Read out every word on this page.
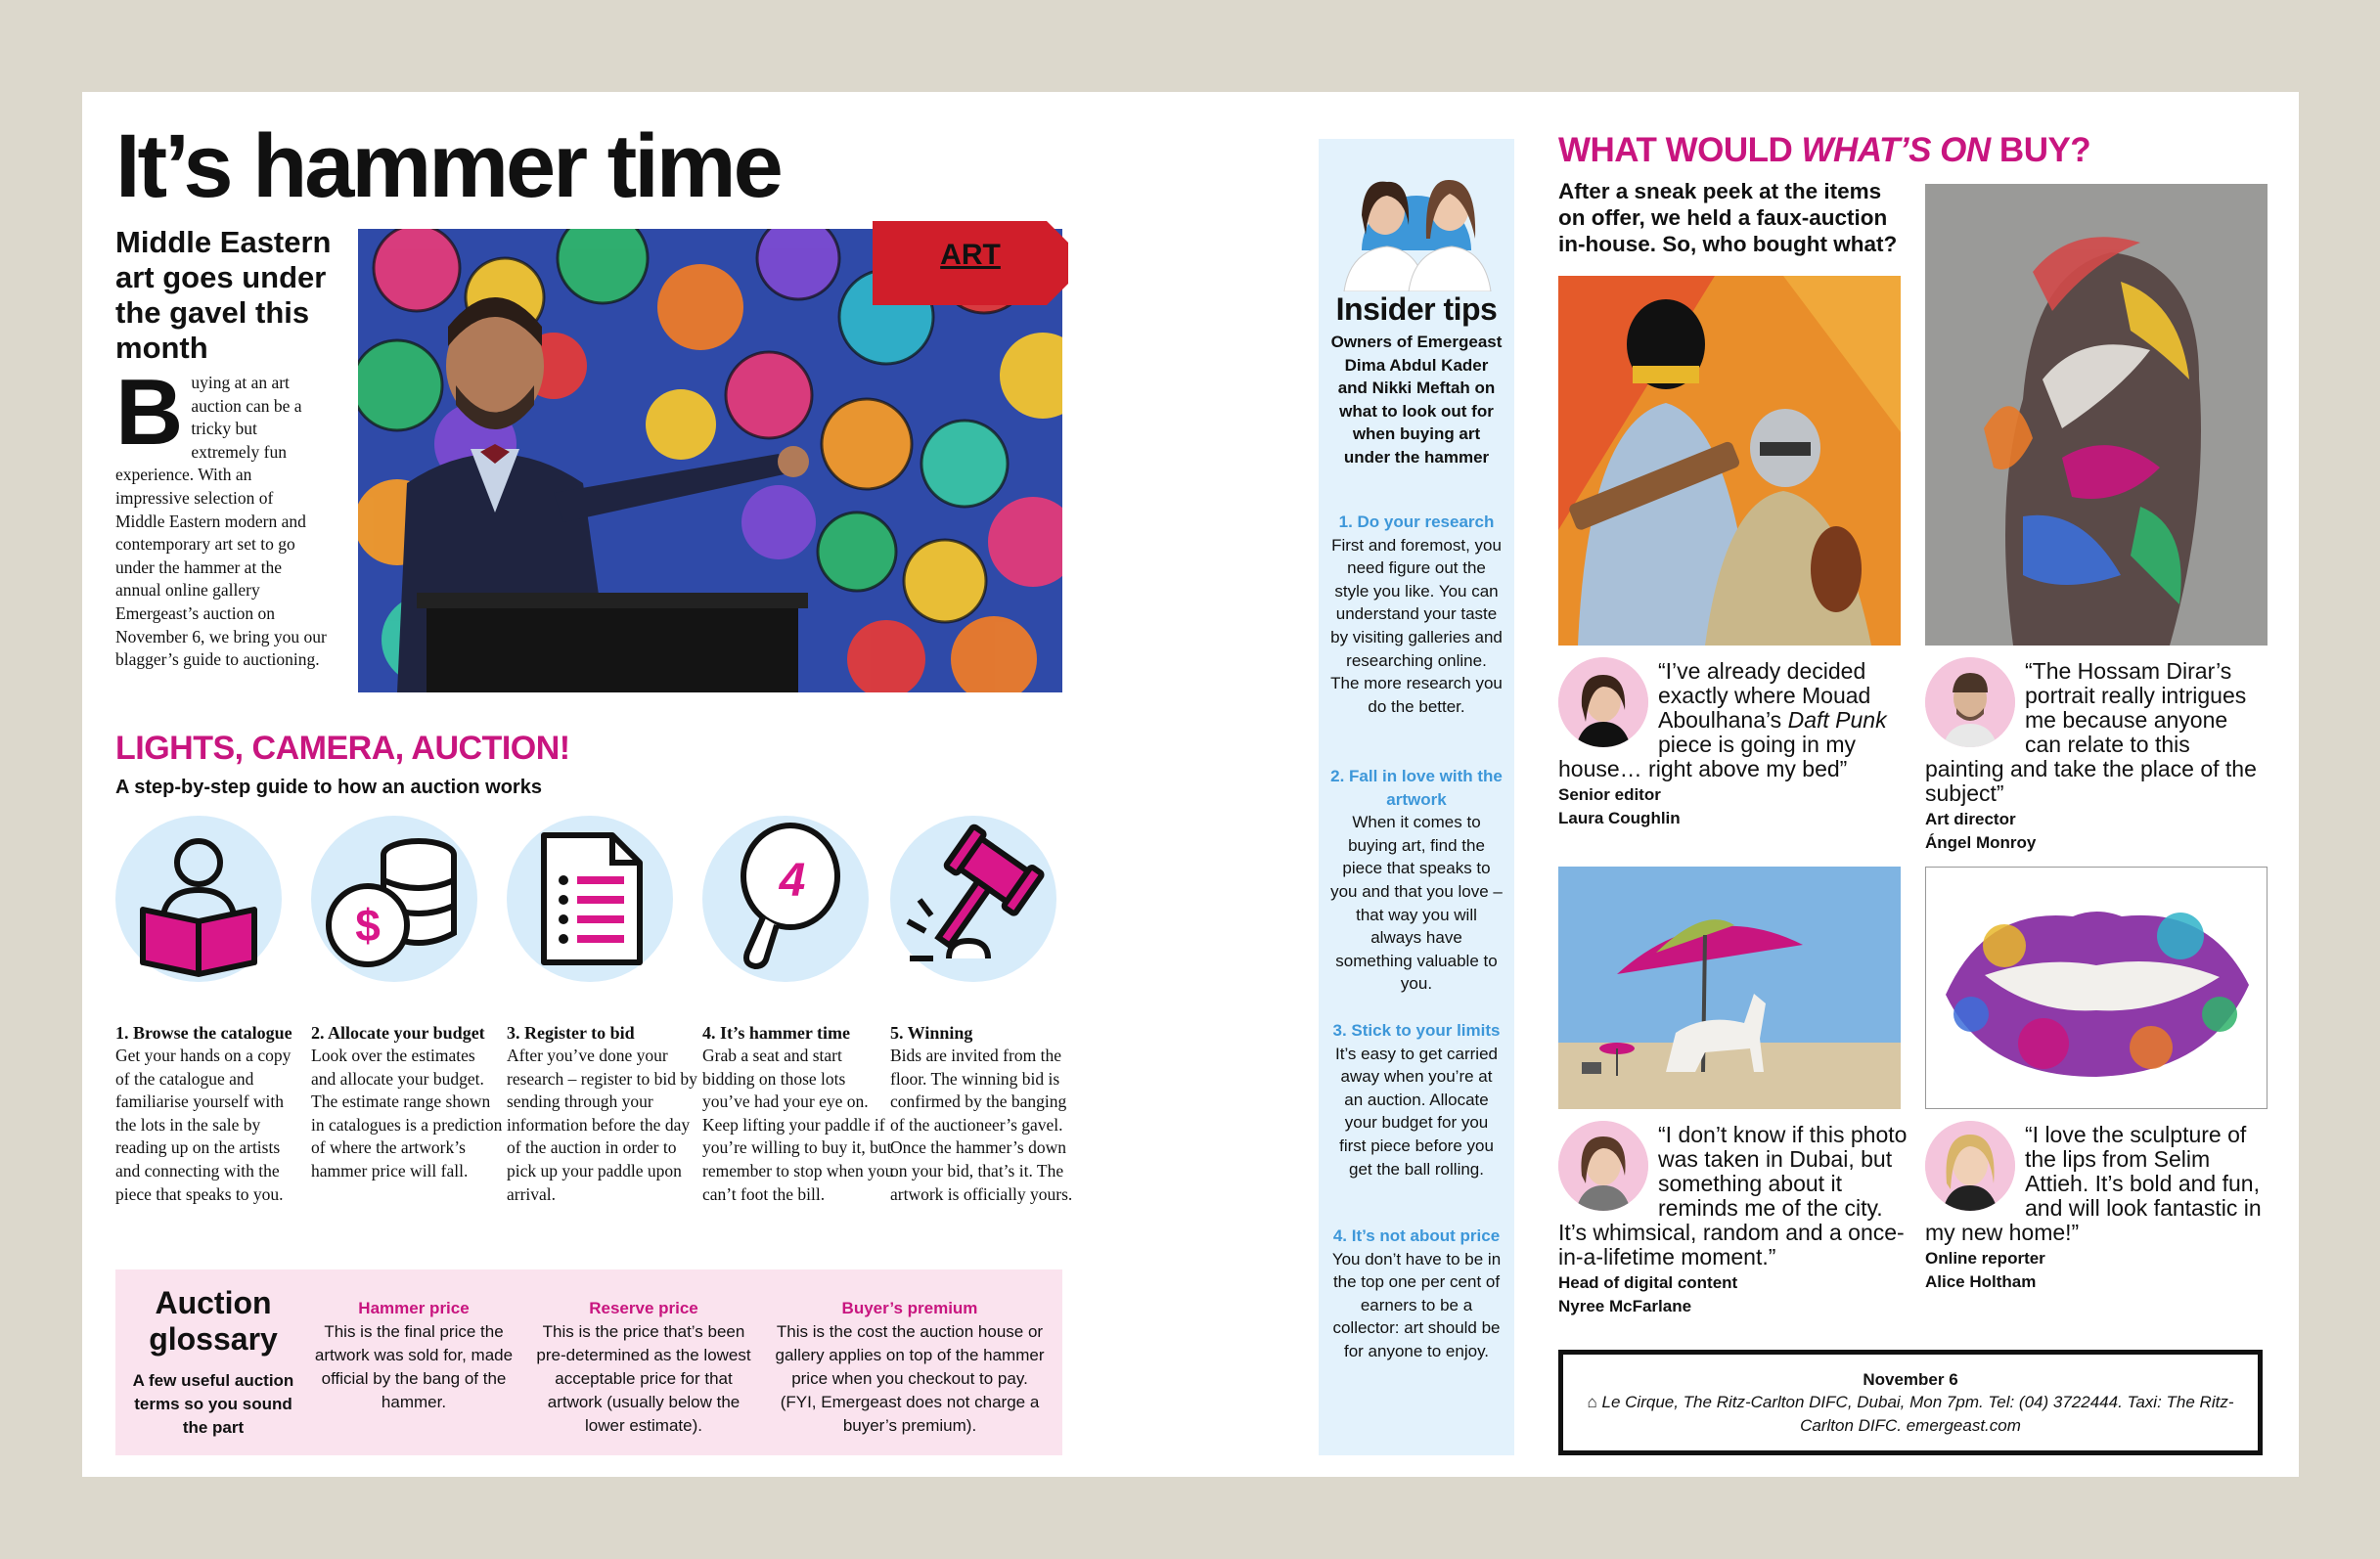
It’s hammer time
Middle Eastern art goes under the gavel this month
B uying at an art auction can be a tricky but extremely fun experience. With an impressive selection of Middle Eastern modern and contemporary art set to go under the hammer at the annual online gallery Emergeast’s auction on November 6, we bring you our blagger’s guide to auctioning.
ART
LIGHTS, CAMERA, AUCTION!
A step-by-step guide to how an auction works
1. Browse the catalogue
Get your hands on a copy of the catalogue and familiarise yourself with the lots in the sale by reading up on the artists and connecting with the piece that speaks to you.
$
2. Allocate your budget
Look over the estimates and allocate your budget. The estimate range shown in catalogues is a prediction of where the artwork’s hammer price will fall.
3. Register to bid
After you’ve done your research – register to bid by sending through your information before the day of the auction in order to pick up your paddle upon arrival.
4
4. It’s hammer time
Grab a seat and start bidding on those lots you’ve had your eye on. Keep lifting your paddle if you’re willing to buy it, but remember to stop when you can’t foot the bill.
5. Winning
Bids are invited from the floor. The winning bid is confirmed by the banging of the auctioneer’s gavel. Once the hammer’s down on your bid, that’s it. The artwork is officially yours.
Auction glossary
A few useful auction terms so you sound the part
Hammer price
This is the final price the artwork was sold for, made official by the bang of the hammer.
Reserve price
This is the price that’s been pre-determined as the lowest acceptable price for that artwork (usually below the lower estimate).
Buyer’s premium
This is the cost the auction house or gallery applies on top of the hammer price when you checkout to pay. (FYI, Emergeast does not charge a buyer’s premium).
Insider tips
Owners of Emergeast Dima Abdul Kader and Nikki Meftah on what to look out for when buying art under the hammer
1. Do your research
First and foremost, you need figure out the style you like. You can understand your taste by visiting galleries and researching online. The more research you do the better.
2. Fall in love with the artwork
When it comes to buying art, find the piece that speaks to you and that you love – that way you will always have something valuable to you.
3. Stick to your limits
It’s easy to get carried away when you’re at an auction. Allocate your budget for you first piece before you get the ball rolling.
4. It’s not about price
You don’t have to be in the top one per cent of earners to be a collector: art should be for anyone to enjoy.
WHAT WOULD WHAT’S ON BUY?
After a sneak peek at the items on offer, we held a faux-auction in-house. So, who bought what?
“I’ve already decided exactly where Mouad Aboulhana’s Daft Punk piece is going in my house… right above my bed”
Senior editor
Laura Coughlin
“The Hossam Dirar’s portrait really intrigues me because anyone can relate to this painting and take the place of the subject”
Art director
Ángel Monroy
“I don’t know if this photo was taken in Dubai, but something about it reminds me of the city. It’s whimsical, random and a once-in-a-lifetime moment.”
Head of digital content
Nyree McFarlane
“I love the sculpture of the lips from Selim Attieh. It’s bold and fun, and will look fantastic in my new home!”
Online reporter
Alice Holtham
November 6
⌂ Le Cirque, The Ritz-Carlton DIFC, Dubai, Mon 7pm. Tel: (04) 3722444. Taxi: The Ritz-Carlton DIFC. emergeast.com
